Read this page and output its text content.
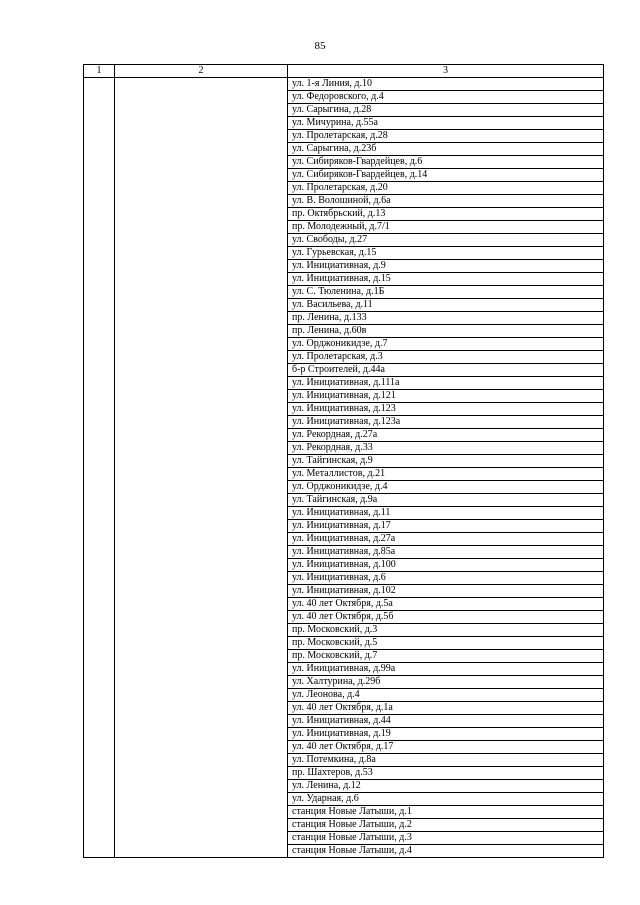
85
1	2	3
		ул. 1-я Линия, д.10
		ул. Федоровского, д.4
		ул. Сарыгина, д.28
		ул. Мичурина, д.55а
		ул. Пролетарская, д.28
		ул. Сарыгина, д.23б
		ул. Сибиряков-Гвардейцев, д.6
		ул. Сибиряков-Гвардейцев, д.14
		ул. Пролетарская, д.20
		ул. В. Волошиной, д.6а
		пр. Октябрьский, д.13
		пр. Молодежный, д.7/1
		ул. Свободы, д.27
		ул. Гурьевская, д.15
		ул. Инициативная, д.9
		ул. Инициативная, д.15
		ул. С. Тюленина, д.1Б
		ул. Васильева, д.11
		пр. Ленина, д.133
		пр. Ленина, д.60в
		ул. Орджоникидзе, д.7
		ул. Пролетарская, д.3
		б-р Строителей, д.44а
		ул. Инициативная, д.111а
		ул. Инициативная, д.121
		ул. Инициативная, д.123
		ул. Инициативная, д.123а
		ул. Рекордная, д.27а
		ул. Рекордная, д.33
		ул. Тайгинская, д.9
		ул. Металлистов, д.21
		ул. Орджоникидзе, д.4
		ул. Тайгинская, д.9а
		ул. Инициативная, д.11
		ул. Инициативная, д.17
		ул. Инициативная, д.27а
		ул. Инициативная, д.85а
		ул. Инициативная, д.100
		ул. Инициативная, д.6
		ул. Инициативная, д.102
		ул. 40 лет Октября, д.5а
		ул. 40 лет Октября, д.5б
		пр. Московский, д.3
		пр. Московский, д.5
		пр. Московский, д.7
		ул. Инициативная, д.99а
		ул. Халтурина, д.29б
		ул. Леонова, д.4
		ул. 40 лет Октября, д.1а
		ул. Инициативная, д.44
		ул. Инициативная, д.19
		ул. 40 лет Октября, д.17
		ул. Потемкина, д.8а
		пр. Шахтеров, д.53
		ул. Ленина, д.12
		ул. Ударная, д.6
		станция Новые Латыши, д.1
		станция Новые Латыши, д.2
		станция Новые Латыши, д.3
		станция Новые Латыши, д.4
